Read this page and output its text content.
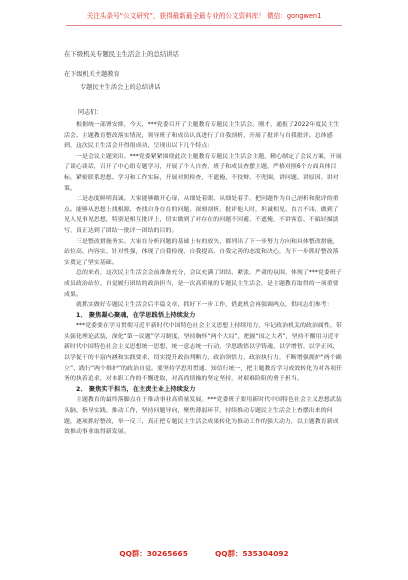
关注头条号“公文研究”，获得最新最全最专业的公文资料库！ 微信：gongwen1
在下级机关专题民主生活会上的总结讲话
在下级机关主题教育
专题民主生活会上的总结讲话
同志们：

根据统一部署安排，今天，***党委召开了主题教育专题民主生活会。刚才，通报了2022年度民主生活会、主题教育整改落实情况，领导班子和成员认真进行了自我剖析，开展了批评与自我批评。总体感到，这次民主生活会开得很成功，呈现出以下几个特点：

一是会议主题突出。***党委紧紧围绕此次主题教育专题民主生活会主题，精心制定了会议方案，开展了谈心谈话，召开了中心组专题学习，开展了个人自查，班子和成员查摆主题，严格对照6个方面具体目标，紧密联系思想、学习和工作实际，开展对照检查，不遮掩、不狡辩、不兜圈，讲问题、讲原因、讲对策。

二是态度鲜明真诚。大家能够敞开心扉，从细处着眼、从细处着手，把问题作为自己剖析和批评的重点。能够从思想上找根源，查找自身存在的问题，深刻剖析。批评他人时，坦诚相见、直言不讳，做到了见人见事见思想，特别是相互批评上，切实做到了对存在的问题不回避、不遮掩，不讲客套、不搞轻描淡写，真正达到了团结一批评一团结的目的。

三是整改措施务实。大家在分析问题的基础上有的放矢，都列出了下一步努力方向和具体整改措施，站位高、内容实、针对性强，体现了自我检视、自我提高、自我完善的态度和决心，为下一步抓好整改落实奠定了坚实基础。

总的来看，这次民主生活会会前准备充分，会议充满了团结、紧张、严肃的氛围，体现了***党委班子成员政治站位、自觉履行团结的政治担当，是一次高质量的专题民主生活会，是主题教育取得的一项重要成果。

就抓实做好专题民主生活会后半篇文章，抓好下一步工作，借此机会再强调两点，供同志们参考：

1、 聚焦凝心聚魂，在学思践悟上持续发力

***党委要在学习贯彻习近平新时代中国特色社会主义思想上持续用力，牢记政治机关的政治属性，带头强化理论武装，深化“第一议题”学习制度，坚持胸怀“两个大局”，把握“国之大者”，坚持不懈用习近平新时代中国特色社会主义思想统一思想，统一意志统一行动，学思践悟以学铸魂、以学增智、以学正风、以学促干的丰富内涵和实践要求，切实提升政治判断力、政治领悟力、政治执行力，不断增强拥护“两个确立”、践行“两个维护”的政治自觉。要坚持学思用贯通、知信行统一，把主题教育学习成效转化为对各项任务的执着追求，对本职工作的不懈进取，对高尚情操的坚定坚持，对艰难险阻的勇于担当。

2、 聚焦实干担当，在主责主业上持续发力

主题教育的最终落脚点在于推动事业高质量发展。***党委班子要用新时代中国特色社会主义思想武装头脑、指导实践、推动工作，坚持问题导向，聚焦薄弱环节，持续推动专题民主生活会上查摆出来的问题，逐项抓好整改，举一反三，真正把专题民主生活会成果转化为推动工作的强大动力，以主题教育新成效推动事业取得新发展。

QQ群：30265665	QQ群：535304092
